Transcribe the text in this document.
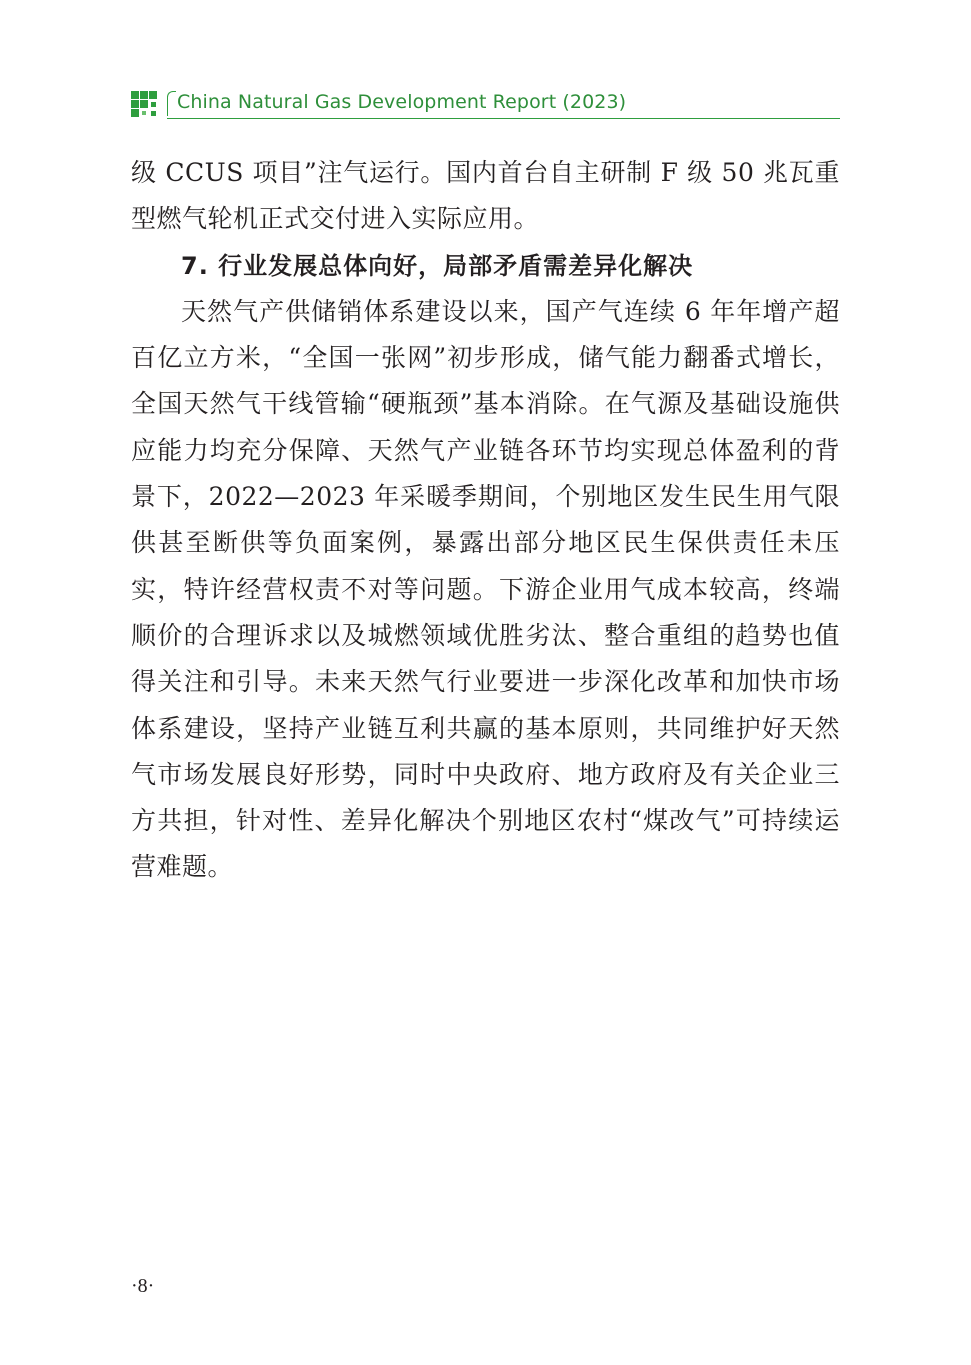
China Natural Gas Development Report (2023)

级 CCUS 项目”注气运行。国内首台自主研制 F 级 50 兆瓦重型燃气轮机正式交付进入实际应用。

7. 行业发展总体向好，局部矛盾需差异化解决

天然气产供储销体系建设以来，国产气连续 6 年年增产超百亿立方米，“全国一张网”初步形成，储气能力翻番式增长，全国天然气干线管输“硬瓶颈”基本消除。在气源及基础设施供应能力均充分保障、天然气产业链各环节均实现总体盈利的背景下，2022—2023 年采暖季期间，个别地区发生民生用气限供甚至断供等负面案例，暴露出部分地区民生保供责任未压实，特许经营权责不对等问题。下游企业用气成本较高，终端顺价的合理诉求以及城燃领域优胜劣汰、整合重组的趋势也值得关注和引导。未来天然气行业要进一步深化改革和加快市场体系建设，坚持产业链互利共赢的基本原则，共同维护好天然气市场发展良好形势，同时中央政府、地方政府及有关企业三方共担，针对性、差异化解决个别地区农村“煤改气”可持续运营难题。

·8·
